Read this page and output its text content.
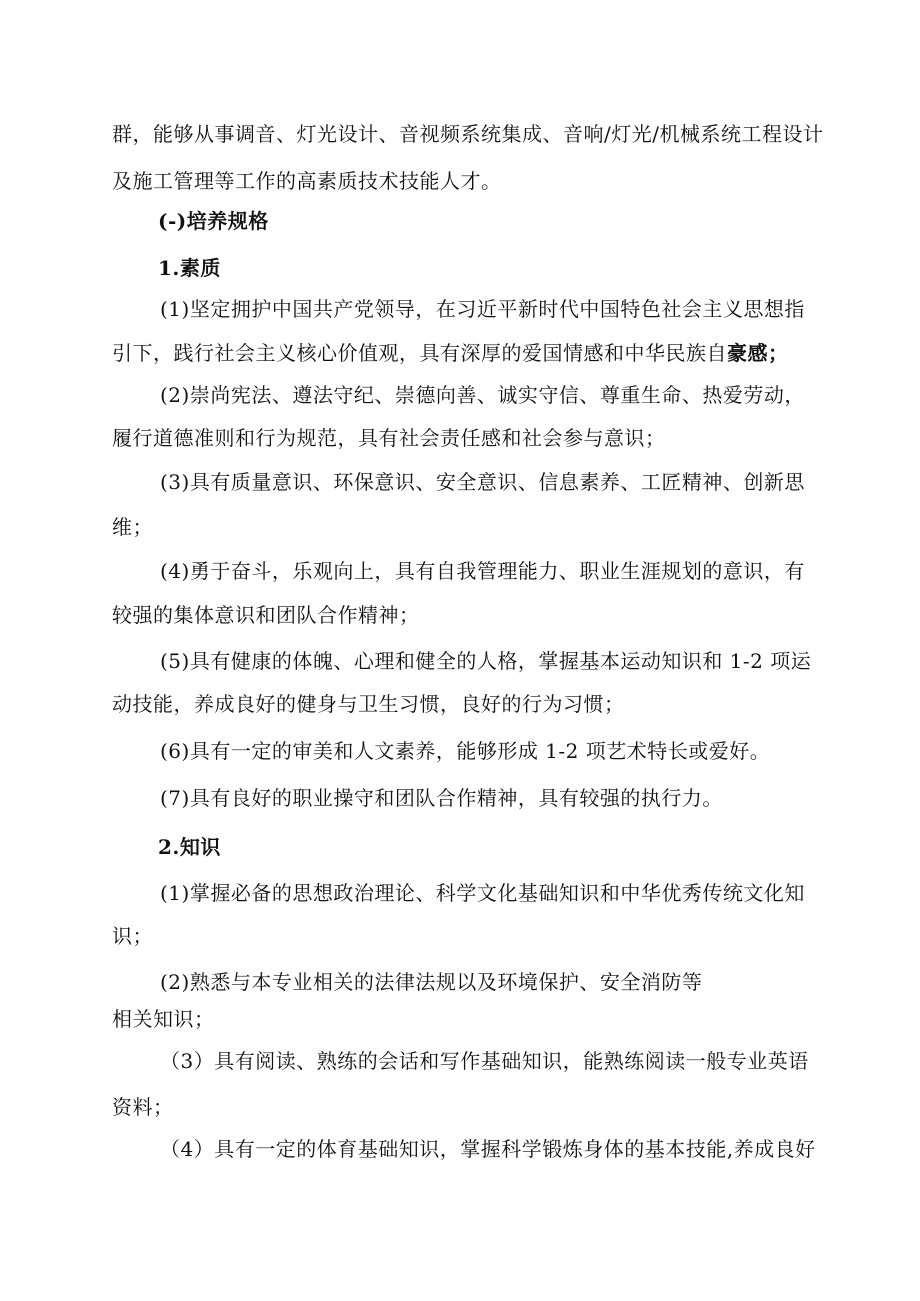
群，能够从事调音、灯光设计、音视频系统集成、音响/灯光/机械系统工程设计
及施工管理等工作的高素质技术技能人才。
(-)培养规格
1.素质
(1)坚定拥护中国共产党领导，在习近平新时代中国特色社会主义思想指
引下，践行社会主义核心价值观，具有深厚的爱国情感和中华民族自豪感；
(2)崇尚宪法、遵法守纪、崇德向善、诚实守信、尊重生命、热爱劳动，
履行道德准则和行为规范，具有社会责任感和社会参与意识；
(3)具有质量意识、环保意识、安全意识、信息素养、工匠精神、创新思
维；
(4)勇于奋斗，乐观向上，具有自我管理能力、职业生涯规划的意识，有
较强的集体意识和团队合作精神；
(5)具有健康的体魄、心理和健全的人格，掌握基本运动知识和 1-2 项运
动技能，养成良好的健身与卫生习惯，良好的行为习惯；
(6)具有一定的审美和人文素养，能够形成 1-2 项艺术特长或爱好。
(7)具有良好的职业操守和团队合作精神，具有较强的执行力。
2.知识
(1)掌握必备的思想政治理论、科学文化基础知识和中华优秀传统文化知
识；
(2)熟悉与本专业相关的法律法规以及环境保护、安全消防等
相关知识；
（3）具有阅读、熟练的会话和写作基础知识，能熟练阅读一般专业英语
资料；
（4）具有一定的体育基础知识，掌握科学锻炼身体的基本技能,养成良好
